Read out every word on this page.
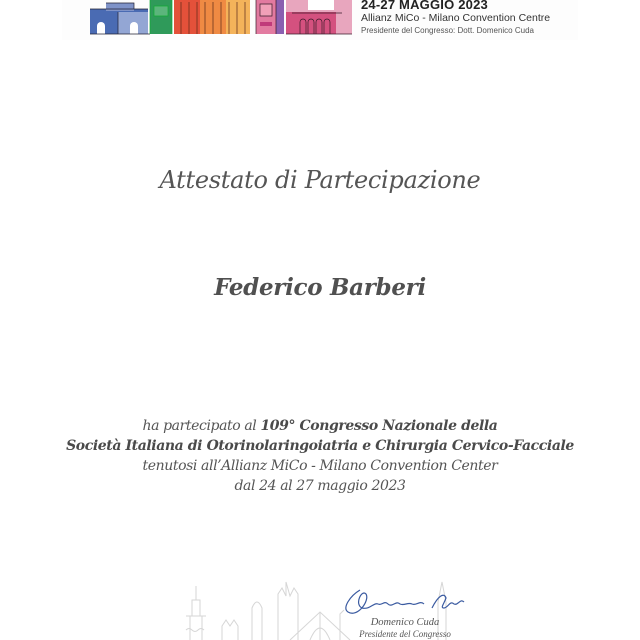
24-27 MAGGIO 2023
Allianz MiCo - Milano Convention Centre
Presidente del Congresso: Dott. Domenico Cuda
Attestato di Partecipazione
Federico Barberi
ha partecipato al 109° Congresso Nazionale della
Società Italiana di Otorinolaringoiatria e Chirurgia Cervico-Facciale
tenutosi all’Allianz MiCo - Milano Convention Center
dal 24 al 27 maggio 2023
Domenico Cuda
Presidente del Congresso
